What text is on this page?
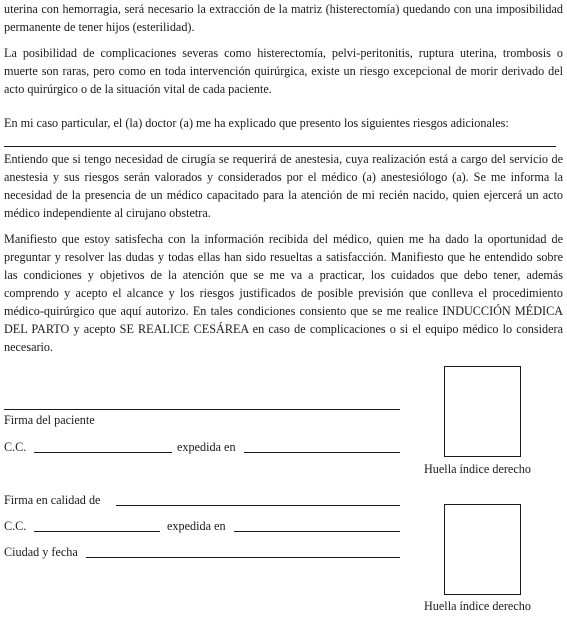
uterina con hemorragia, será necesario la extracción de la matriz (histerectomía) quedando con una imposibilidad permanente de tener hijos (esterilidad).

La posibilidad de complicaciones severas como histerectomía, pelvi-peritonitis, ruptura uterina, trombosis o muerte son raras, pero como en toda intervención quirúrgica, existe un riesgo excepcional de morir derivado del acto quirúrgico o de la situación vital de cada paciente.

En mi caso particular, el (la) doctor (a) me ha explicado que presento los siguientes riesgos adicionales:

Entiendo que si tengo necesidad de cirugía se requerirá de anestesia, cuya realización está a cargo del servicio de anestesia y sus riesgos serán valorados y considerados por el médico (a) anestesiólogo (a). Se me informa la necesidad de la presencia de un médico capacitado para la atención de mi recién nacido, quien ejercerá un acto médico independiente al cirujano obstetra.

Manifiesto que estoy satisfecha con la información recibida del médico, quien me ha dado la oportunidad de preguntar y resolver las dudas y todas ellas han sido resueltas a satisfacción. Manifiesto que he entendido sobre las condiciones y objetivos de la atención que se me va a practicar, los cuidados que debo tener, además comprendo y acepto el alcance y los riesgos justificados de posible previsión que conlleva el procedimiento médico-quirúrgico que aquí autorizo. En tales condiciones consiento que se me realice INDUCCIÓN MÉDICA DEL PARTO y acepto SE REALICE CESÁREA en caso de complicaciones o si el equipo médico lo considera necesario.

Firma del paciente
C.C.	expedida en
Huella índice derecho
Firma en calidad de
C.C.	expedida en
Ciudad y fecha
Huella índice derecho
